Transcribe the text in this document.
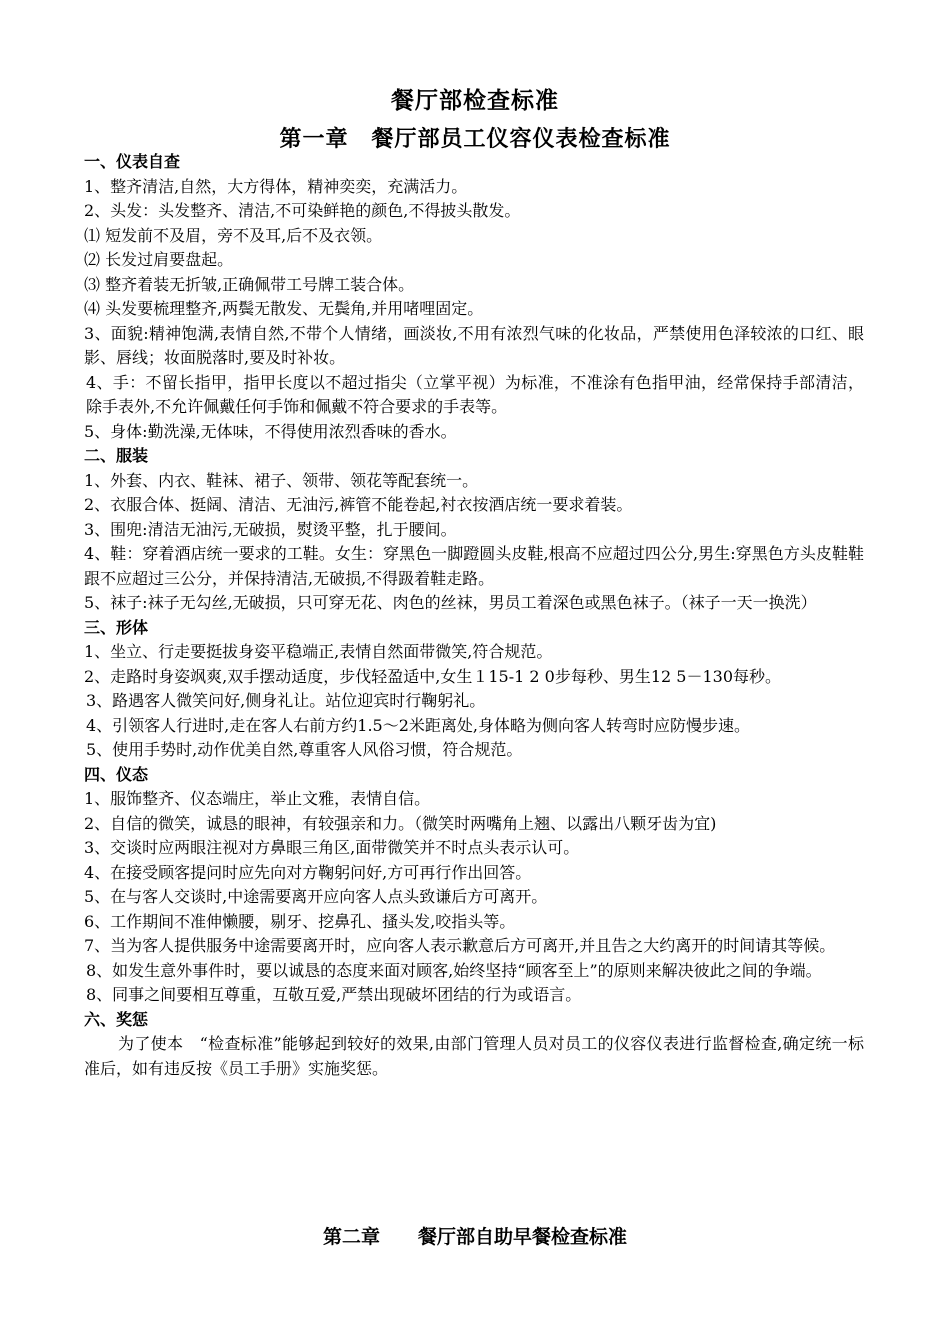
餐厅部检查标准
第一章　餐厅部员工仪容仪表检查标准
一、仪表自查
1、整齐清洁,自然，大方得体，精神奕奕，充满活力。
2、头发：头发整齐、清洁,不可染鲜艳的颜色,不得披头散发。
⑴ 短发前不及眉，旁不及耳,后不及衣领。
⑵ 长发过肩要盘起。
⑶ 整齐着装无折皱,正确佩带工号牌工装合体。
⑷ 头发要梳理整齐,两鬓无散发、无鬓角,并用啫哩固定。
3、面貌:精神饱满,表情自然,不带个人情绪，画淡妆,不用有浓烈气味的化妆品，严禁使用色泽较浓的口红、眼影、唇线；妆面脱落时,要及时补妆。
4、手：不留长指甲，指甲长度以不超过指尖（立掌平视）为标准，不准涂有色指甲油，经常保持手部清洁，除手表外,不允许佩戴任何手饰和佩戴不符合要求的手表等。
5、身体:勤洗澡,无体味，不得使用浓烈香味的香水。
二、服装
1、外套、内衣、鞋袜、裙子、领带、领花等配套统一。
2、衣服合体、挺阔、清洁、无油污,裤管不能卷起,衬衣按酒店统一要求着装。
3、围兜:清洁无油污,无破损，熨烫平整，扎于腰间。
4、鞋：穿着酒店统一要求的工鞋。女生：穿黑色一脚蹬圆头皮鞋,根高不应超过四公分,男生:穿黑色方头皮鞋鞋跟不应超过三公分，并保持清洁,无破损,不得趿着鞋走路。
5、袜子:袜子无勾丝,无破损，只可穿无花、肉色的丝袜，男员工着深色或黑色袜子。（袜子一天一换洗）
三、形体
1、坐立、行走要挺拔身姿平稳端正,表情自然面带微笑,符合规范。
2、走路时身姿飒爽,双手摆动适度，步伐轻盈适中,女生１15-1 2 0步每秒、男生12 5－130每秒。
3、路遇客人微笑问好,侧身礼让。站位迎宾时行鞠躬礼。
4、引领客人行进时,走在客人右前方约1.5～2米距离处,身体略为侧向客人转弯时应防慢步速。
5、使用手势时,动作优美自然,尊重客人风俗习惯，符合规范。
四、仪态
1、服饰整齐、仪态端庄，举止文雅，表情自信。
2、自信的微笑，诚恳的眼神，有较强亲和力。（微笑时两嘴角上翘、以露出八颗牙齿为宜)
3、交谈时应两眼注视对方鼻眼三角区,面带微笑并不时点头表示认可。
4、在接受顾客提问时应先向对方鞠躬问好,方可再行作出回答。
5、在与客人交谈时,中途需要离开应向客人点头致谦后方可离开。
6、工作期间不准伸懒腰，剔牙、挖鼻孔、搔头发,咬指头等。
7、当为客人提供服务中途需要离开时，应向客人表示歉意后方可离开,并且告之大约离开的时间请其等候。
8、如发生意外事件时，要以诚恳的态度来面对顾客,始终坚持“顾客至上”的原则来解决彼此之间的争端。
8、同事之间要相互尊重，互敬互爱,严禁出现破坏团结的行为或语言。
六、奖惩
为了使本　“检查标准”能够起到较好的效果,由部门管理人员对员工的仪容仪表进行监督检查,确定统一标准后，如有违反按《员工手册》实施奖惩。
第二章　　餐厅部自助早餐检查标准
